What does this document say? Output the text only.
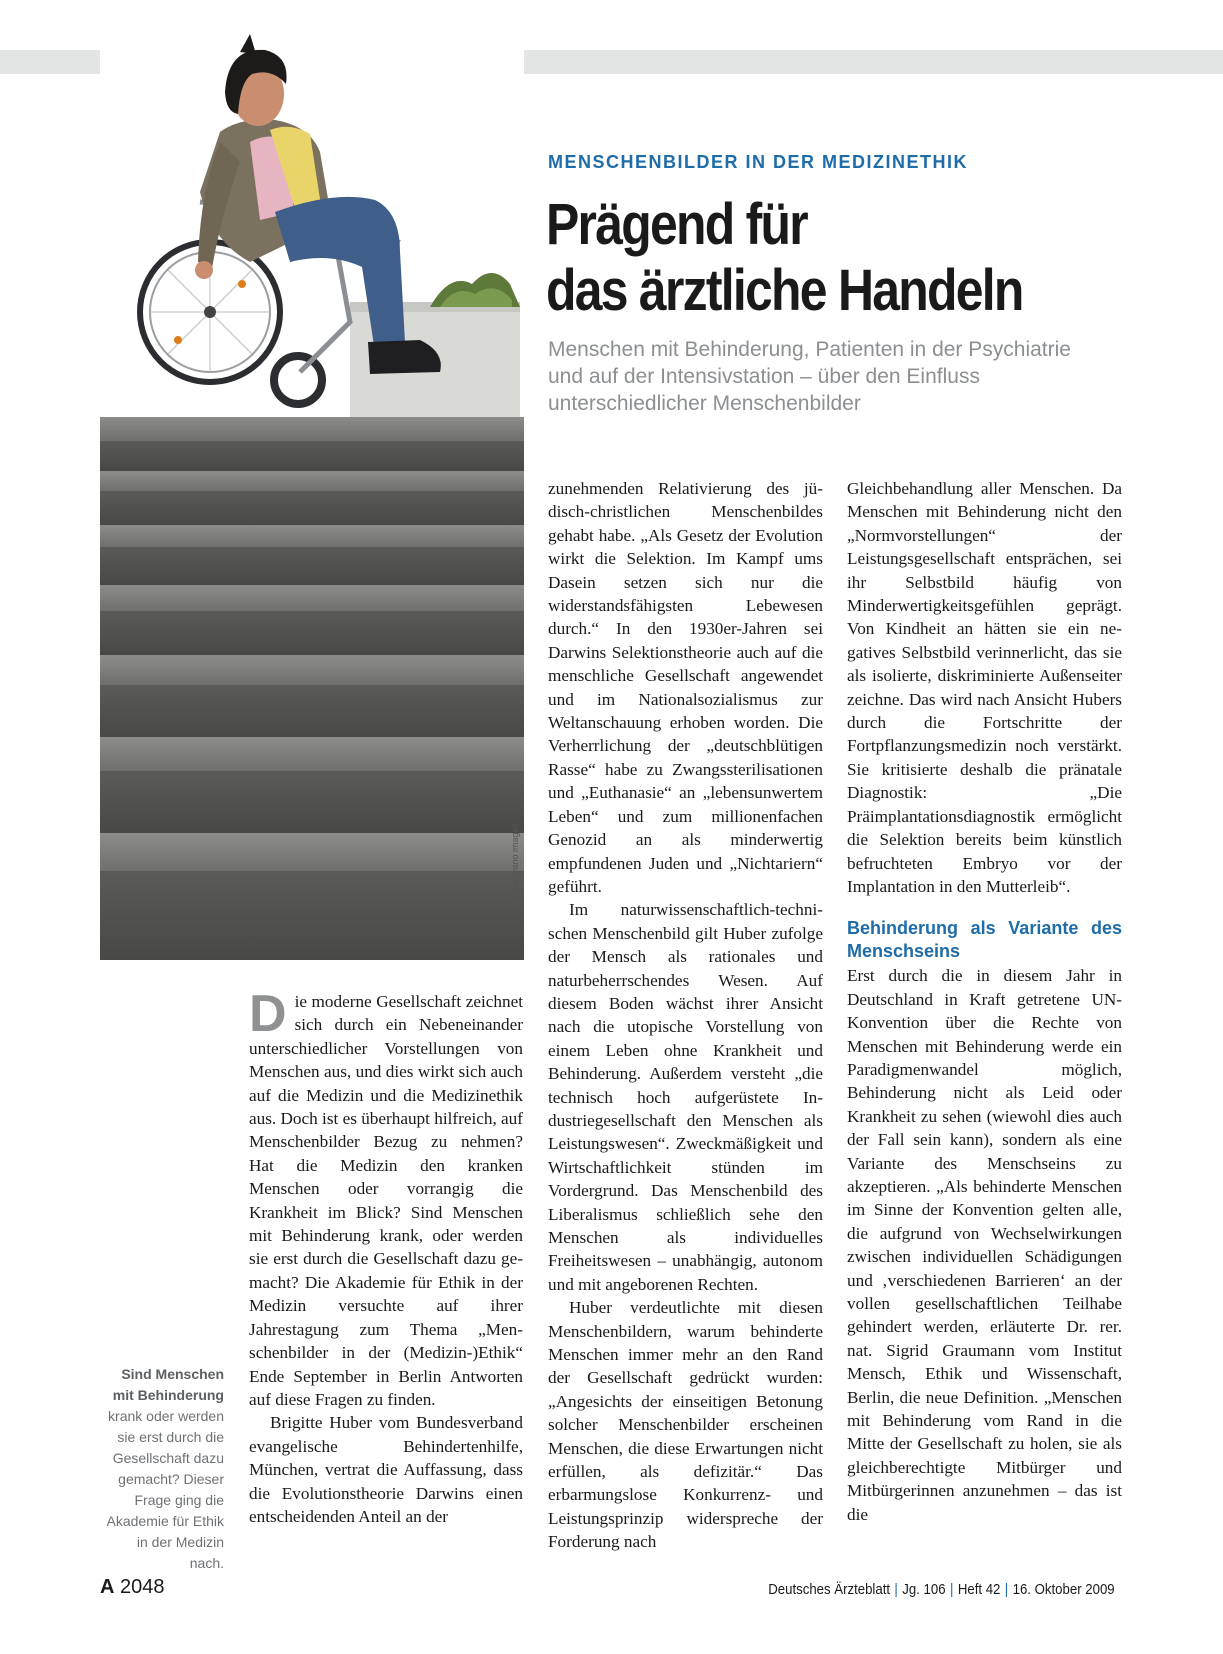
Foto: vario images
MENSCHENBILDER IN DER MEDIZINETHIK
Prägend für
das ärztliche Handeln
Menschen mit Behinderung, Patienten in der Psychiatrie und auf der Intensivstation – über den Einfluss unterschiedlicher Menschenbilder

Die moderne Gesellschaft zeichnet sich durch ein Nebeneinander unterschiedlicher Vorstellungen von Menschen aus, und dies wirkt sich auch auf die Medizin und die Medizinethik aus. Doch ist es überhaupt hilfreich, auf Menschenbilder Bezug zu nehmen? Hat die Medizin den kranken Menschen oder vorrangig die Krankheit im Blick? Sind Menschen mit Behinderung krank, oder werden sie erst durch die Gesellschaft dazu gemacht? Die Akademie für Ethik in der Medizin versuchte auf ihrer Jahrestagung zum Thema „Menschenbilder in der (Medizin-)Ethik“ Ende September in Berlin Antworten auf diese Fragen zu finden.

Brigitte Huber vom Bundesverband evangelische Behindertenhilfe, München, vertrat die Auffassung, dass die Evolutionstheorie Darwins einen entscheidenden Anteil an der

zunehmenden Relativierung des jüdisch-christlichen Menschenbildes gehabt habe. „Als Gesetz der Evolution wirkt die Selektion. Im Kampf ums Dasein setzen sich nur die widerstandsfähigsten Lebewesen durch.“ In den 1930er-Jahren sei Darwins Selektionstheorie auch auf die menschliche Gesellschaft angewendet und im Nationalsozialismus zur Weltanschauung erhoben worden. Die Verherrlichung der „deutschblütigen Rasse“ habe zu Zwangssterilisationen und „Euthanasie“ an „lebensunwertem Leben“ und zum millionenfachen Genozid an als minderwertig empfundenen Juden und „Nichtariern“ geführt.

Im naturwissenschaftlich-technischen Menschenbild gilt Huber zufolge der Mensch als rationales und naturbeherrschendes Wesen. Auf diesem Boden wächst ihrer Ansicht nach die utopische Vorstellung von einem Leben ohne Krankheit und Behinderung. Außerdem versteht „die technisch hoch aufgerüstete Industriegesellschaft den Menschen als Leistungswesen“. Zweckmäßigkeit und Wirtschaftlichkeit stünden im Vordergrund. Das Menschenbild des Liberalismus schließlich sehe den Menschen als individuelles Freiheitswesen – unabhängig, autonom und mit angeborenen Rechten.

Huber verdeutlichte mit diesen Menschenbildern, warum behinderte Menschen immer mehr an den Rand der Gesellschaft gedrückt wurden: „Angesichts der einseitigen Betonung solcher Menschenbilder erscheinen Menschen, die diese Erwartungen nicht erfüllen, als defizitär.“ Das erbarmungslose Konkurrenz- und Leistungsprinzip widerspreche der Forderung nach

Gleichbehandlung aller Menschen. Da Menschen mit Behinderung nicht den „Normvorstellungen“ der Leistungsgesellschaft entsprächen, sei ihr Selbstbild häufig von Minderwertigkeitsgefühlen geprägt. Von Kindheit an hätten sie ein negatives Selbstbild verinnerlicht, das sie als isolierte, diskriminierte Außenseiter zeichne. Das wird nach Ansicht Hubers durch die Fortschritte der Fortpflanzungsmedizin noch verstärkt. Sie kritisierte deshalb die pränatale Diagnostik: „Die Präimplantationsdiagnostik ermöglicht die Selektion bereits beim künstlich befruchteten Embryo vor der Implantation in den Mutterleib“.

Behinderung als Variante des Menschseins

Erst durch die in diesem Jahr in Deutschland in Kraft getretene UN-Konvention über die Rechte von Menschen mit Behinderung werde ein Paradigmenwandel möglich, Behinderung nicht als Leid oder Krankheit zu sehen (wiewohl dies auch der Fall sein kann), sondern als eine Variante des Menschseins zu akzeptieren. „Als behinderte Menschen im Sinne der Konvention gelten alle, die aufgrund von Wechselwirkungen zwischen individuellen Schädigungen und ‚verschiedenen Barrieren‘ an der vollen gesellschaftlichen Teilhabe gehindert werden, erläuterte Dr. rer. nat. Sigrid Graumann vom Institut Mensch, Ethik und Wissenschaft, Berlin, die neue Definition. „Menschen mit Behinderung vom Rand in die Mitte der Gesellschaft zu holen, sie als gleichberechtigte Mitbürger und Mitbürgerinnen anzunehmen – das ist die

Sind Menschen mit Behinderung krank oder werden sie erst durch die Gesellschaft dazu gemacht? Dieser Frage ging die Akademie für Ethik in der Medizin nach.
A 2048	Deutsches Ärzteblatt | Jg. 106 | Heft 42 | 16. Oktober 2009
